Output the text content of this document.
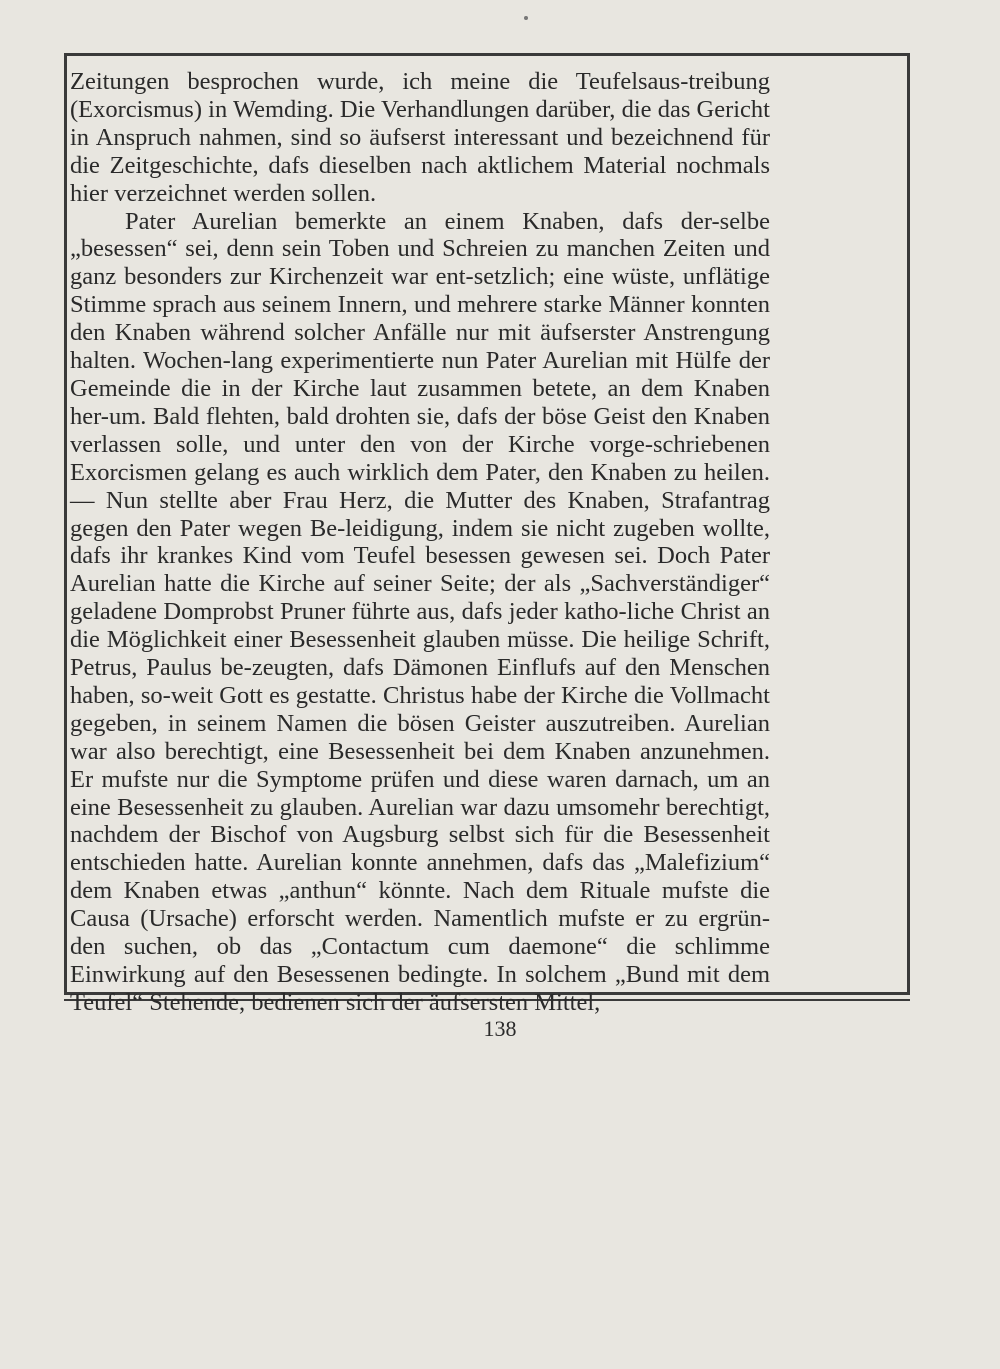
Zeitungen besprochen wurde, ich meine die Teufelsaus-treibung (Exorcismus) in Wemding. Die Verhandlungen darüber, die das Gericht in Anspruch nahmen, sind so äufserst interessant und bezeichnend für die Zeitgeschichte, dafs dieselben nach aktlichem Material nochmals hier verzeichnet werden sollen.

Pater Aurelian bemerkte an einem Knaben, dafs der-selbe „besessen“ sei, denn sein Toben und Schreien zu manchen Zeiten und ganz besonders zur Kirchenzeit war ent-setzlich; eine wüste, unflätige Stimme sprach aus seinem Innern, und mehrere starke Männer konnten den Knaben während solcher Anfälle nur mit äufserster Anstrengung halten. Wochen-lang experimentierte nun Pater Aurelian mit Hülfe der Gemeinde die in der Kirche laut zusammen betete, an dem Knaben her-um. Bald flehten, bald drohten sie, dafs der böse Geist den Knaben verlassen solle, und unter den von der Kirche vorge-schriebenen Exorcismen gelang es auch wirklich dem Pater, den Knaben zu heilen. — Nun stellte aber Frau Herz, die Mutter des Knaben, Strafantrag gegen den Pater wegen Be-leidigung, indem sie nicht zugeben wollte, dafs ihr krankes Kind vom Teufel besessen gewesen sei. Doch Pater Aurelian hatte die Kirche auf seiner Seite; der als „Sachverständiger“ geladene Domprobst Pruner führte aus, dafs jeder katho-liche Christ an die Möglichkeit einer Besessenheit glauben müsse. Die heilige Schrift, Petrus, Paulus be-zeugten, dafs Dämonen Einflufs auf den Menschen haben, so-weit Gott es gestatte. Christus habe der Kirche die Vollmacht gegeben, in seinem Namen die bösen Geister auszutreiben. Aurelian war also berechtigt, eine Besessenheit bei dem Knaben anzunehmen. Er mufste nur die Symptome prüfen und diese waren darnach, um an eine Besessenheit zu glauben. Aurelian war dazu umsomehr berechtigt, nachdem der Bischof von Augsburg selbst sich für die Besessenheit entschieden hatte. Aurelian konnte annehmen, dafs das „Malefizium“ dem Knaben etwas „anthun“ könnte. Nach dem Rituale mufste die Causa (Ursache) erforscht werden. Namentlich mufste er zu ergrün-den suchen, ob das „Contactum cum daemone“ die schlimme Einwirkung auf den Besessenen bedingte. In solchem „Bund mit dem Teufel“ Stehende, bedienen sich der äufsersten Mittel,

138
